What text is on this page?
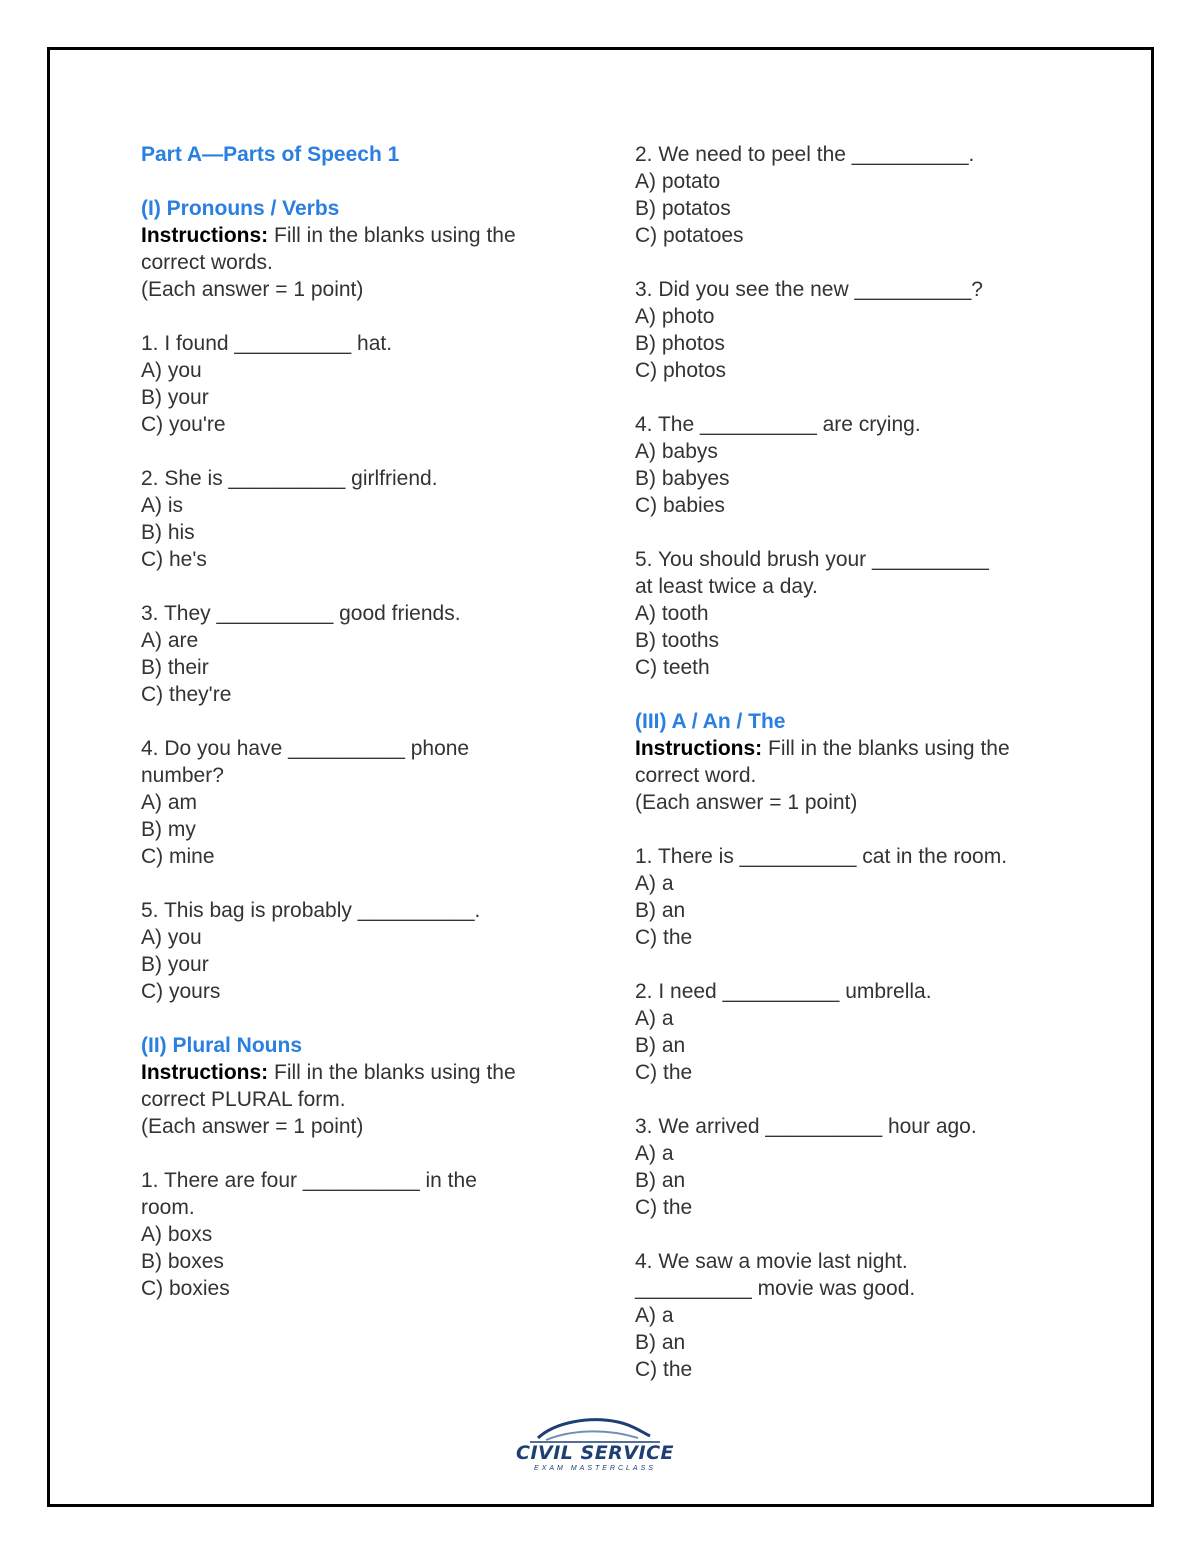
Part A—Parts of Speech 1
(I) Pronouns / Verbs
Instructions: Fill in the blanks using the
correct words.
(Each answer = 1 point)
1. I found __________ hat.
A) you
B) your
C) you're
2. She is __________ girlfriend.
A) is
B) his
C) he's
3. They __________ good friends.
A) are
B) their
C) they're
4. Do you have __________ phone
number?
A) am
B) my
C) mine
5. This bag is probably __________.
A) you
B) your
C) yours
(II) Plural Nouns
Instructions: Fill in the blanks using the
correct PLURAL form.
(Each answer = 1 point)
1. There are four __________ in the
room.
A) boxs
B) boxes
C) boxies
2. We need to peel the __________.
A) potato
B) potatos
C) potatoes
3. Did you see the new __________?
A) photo
B) photos
C) photos
4. The __________ are crying.
A) babys
B) babyes
C) babies
5. You should brush your __________
at least twice a day.
A) tooth
B) tooths
C) teeth
(III) A / An / The
Instructions: Fill in the blanks using the
correct word.
(Each answer = 1 point)
1. There is __________ cat in the room.
A) a
B) an
C) the
2. I need __________ umbrella.
A) a
B) an
C) the
3. We arrived __________ hour ago.
A) a
B) an
C) the
4. We saw a movie last night.
__________ movie was good.
A) a
B) an
C) the
CIVIL SERVICE
EXAM MASTERCLASS
